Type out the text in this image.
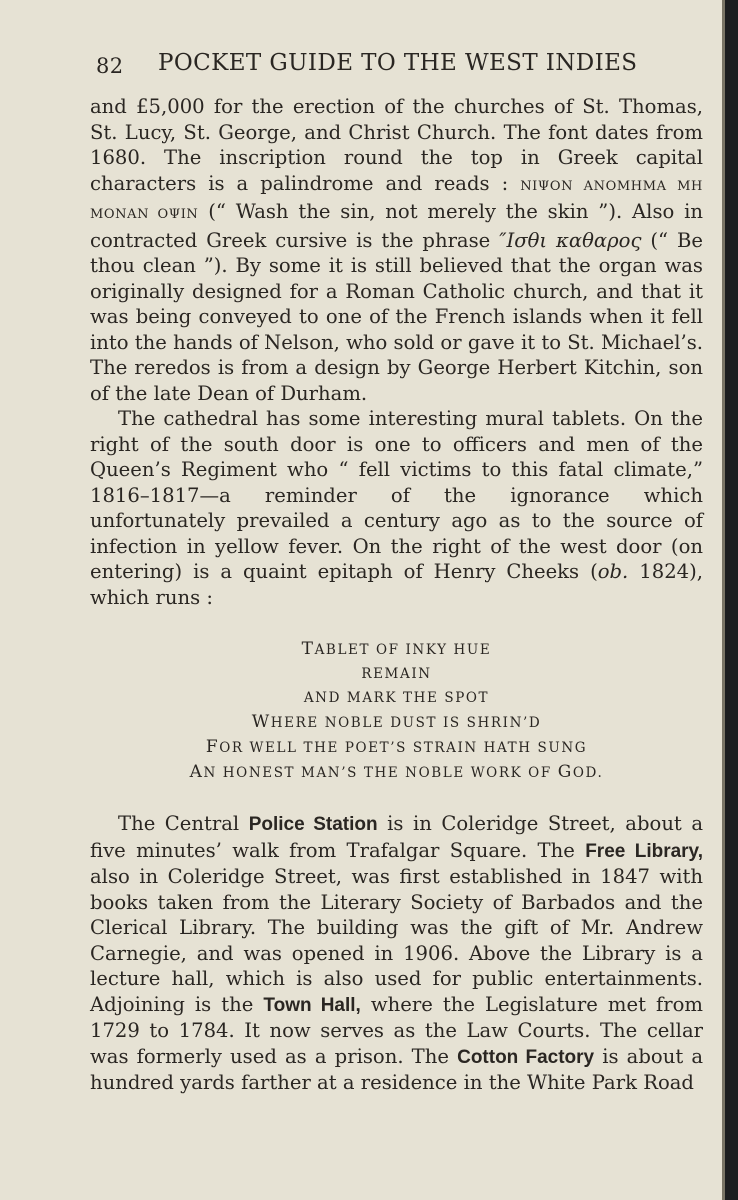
82 POCKET GUIDE TO THE WEST INDIES

and £5,000 for the erection of the churches of St. Thomas, St. Lucy, St. George, and Christ Church. The font dates from 1680. The inscription round the top in Greek capital characters is a palindrome and reads : NIΨON ANOMHMA MH MONAN OΨIN (“ Wash the sin, not merely the skin ”). Also in contracted Greek cursive is the phrase ″Ισθι καθαρος (“ Be thou clean ”). By some it is still believed that the organ was originally designed for a Roman Catholic church, and that it was being conveyed to one of the French islands when it fell into the hands of Nelson, who sold or gave it to St. Michael’s. The reredos is from a design by George Herbert Kitchin, son of the late Dean of Durham.

The cathedral has some interesting mural tablets. On the right of the south door is one to officers and men of the Queen’s Regiment who “ fell victims to this fatal climate,” 1816–1817—a reminder of the ignorance which unfortunately prevailed a century ago as to the source of infection in yellow fever. On the right of the west door (on entering) is a quaint epitaph of Henry Cheeks (ob. 1824), which runs :

TABLET OF INKY HUE
REMAIN
AND MARK THE SPOT
WHERE NOBLE DUST IS SHRIN’D
FOR WELL THE POET’S STRAIN HATH SUNG
AN HONEST MAN’S THE NOBLE WORK OF GOD.

The Central Police Station is in Coleridge Street, about a five minutes’ walk from Trafalgar Square. The Free Library, also in Coleridge Street, was first established in 1847 with books taken from the Literary Society of Barbados and the Clerical Library. The building was the gift of Mr. Andrew Carnegie, and was opened in 1906. Above the Library is a lecture hall, which is also used for public entertainments. Adjoining is the Town Hall, where the Legislature met from 1729 to 1784. It now serves as the Law Courts. The cellar was formerly used as a prison. The Cotton Factory is about a hundred yards farther at a residence in the White Park Road
